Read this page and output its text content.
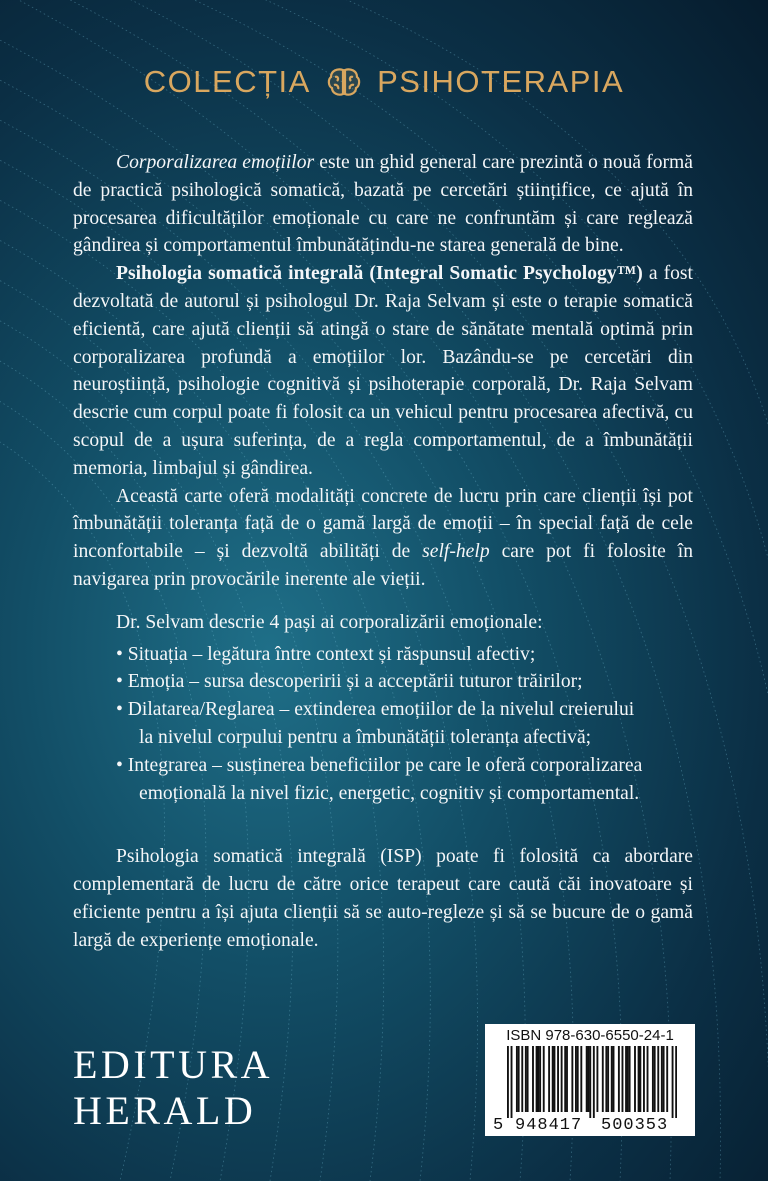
COLECȚIA PSIHOTERAPIA

Corporalizarea emoțiilor este un ghid general care prezintă o nouă formă de practică psihologică somatică, bazată pe cercetări științifice, ce ajută în procesarea dificultăților emoționale cu care ne confruntăm și care reglează gândirea și comportamentul îmbunătățindu-ne starea generală de bine.

Psihologia somatică integrală (Integral Somatic Psychology™) a fost dezvoltată de autorul și psihologul Dr. Raja Selvam și este o terapie somatică eficientă, care ajută clienții să atingă o stare de sănătate mentală optimă prin corporalizarea profundă a emoțiilor lor. Bazându-se pe cercetări din neuroștiință, psihologie cognitivă și psihoterapie corporală, Dr. Raja Selvam descrie cum corpul poate fi folosit ca un vehicul pentru procesarea afectivă, cu scopul de a ușura suferința, de a regla comportamentul, de a îmbunătății memoria, limbajul și gândirea.

Această carte oferă modalități concrete de lucru prin care clienții își pot îmbunătății toleranța față de o gamă largă de emoții – în special față de cele inconfortabile – și dezvoltă abilități de self-help care pot fi folosite în navigarea prin provocările inerente ale vieții.

Dr. Selvam descrie 4 pași ai corporalizării emoționale:

• Situația – legătura între context și răspunsul afectiv;
• Emoția – sursa descoperirii și a acceptării tuturor trăirilor;
• Dilatarea/Reglarea – extinderea emoțiilor de la nivelul creierului
la nivelul corpului pentru a îmbunătății toleranța afectivă;
• Integrarea – susținerea beneficiilor pe care le oferă corporalizarea
emoțională la nivel fizic, energetic, cognitiv și comportamental.

Psihologia somatică integrală (ISP) poate fi folosită ca abordare complementară de lucru de către orice terapeut care caută căi inovatoare și eficiente pentru a își ajuta clienții să se auto-regleze și să se bucure de o gamă largă de experiențe emoționale.

EDITURA
HERALD
ISBN 978-630-6550-24-1
5 948417 500353
